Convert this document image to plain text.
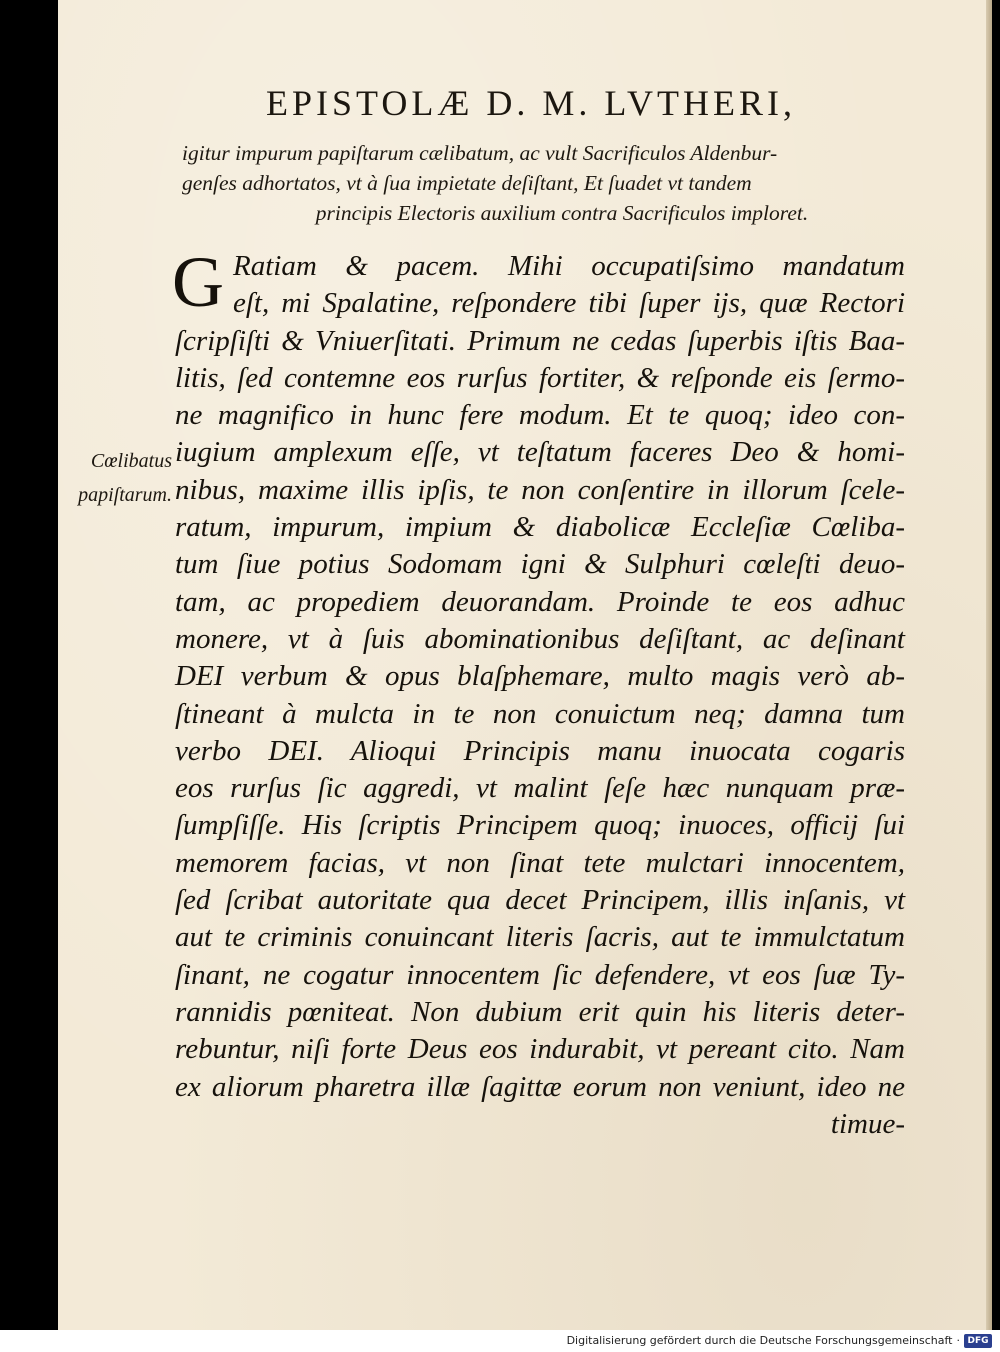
EPISTOLÆ D. M. LVTHERI,
igitur impurum papiſtarum cælibatum, ac vult Sacrificulos Aldenbur-
genſes adhortatos, vt à ſua impietate deſiſtant, Et ſuadet vt tandem
principis Electoris auxilium contra Sacrificulos imploret.
G Ratiam & pacem. Mihi occupatiſsimo mandatum
eſt, mi Spalatine, reſpondere tibi ſuper ijs, quæ Rectori
ſcripſiſti & Vniuerſitati. Primum ne cedas ſuperbis iſtis Baa-
litis, ſed contemne eos rurſus fortiter, & reſponde eis ſermo-
ne magnifico in hunc fere modum. Et te quoq; ideo con-
iugium amplexum eſſe, vt teſtatum faceres Deo & homi-
nibus, maxime illis ipſis, te non conſentire in illorum ſcele-
ratum, impurum, impium & diabolicæ Eccleſiæ Cœliba-
tum ſiue potius Sodomam igni & Sulphuri cœleſti deuo-
tam, ac propediem deuorandam. Proinde te eos adhuc
monere, vt à ſuis abominationibus deſiſtant, ac deſinant
DEI verbum & opus blaſphemare, multo magis verò ab-
ſtineant à mulcta in te non conuictum neq; damna tum
verbo DEI. Alioqui Principis manu inuocata cogaris
eos rurſus ſic aggredi, vt malint ſeſe hæc nunquam præ-
ſumpſiſſe. His ſcriptis Principem quoq; inuoces, officij ſui
memorem facias, vt non ſinat tete mulctari innocentem,
ſed ſcribat autoritate qua decet Principem, illis inſanis, vt
aut te criminis conuincant literis ſacris, aut te immulctatum
ſinant, ne cogatur innocentem ſic defendere, vt eos ſuæ Ty-
rannidis pœniteat. Non dubium erit quin his literis deter-
rebuntur, niſi forte Deus eos indurabit, vt pereant cito. Nam
ex aliorum pharetra illæ ſagittæ eorum non veniunt, ideo ne
timue-
Cœlibatus
papiſtarum.
Digitalisierung gefördert durch die Deutsche Forschungsgemeinschaft · DFG
